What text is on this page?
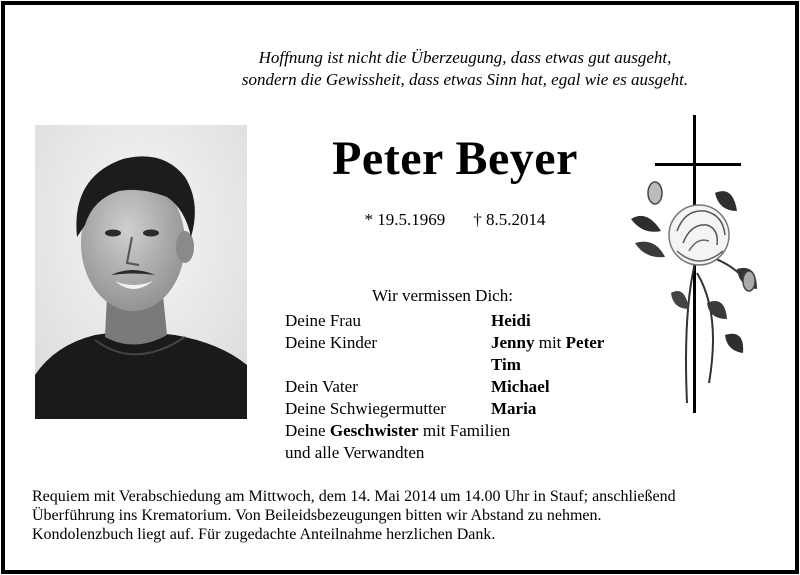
Hoffnung ist nicht die Überzeugung, dass etwas gut ausgeht,
sondern die Gewissheit, dass etwas Sinn hat, egal wie es ausgeht.
Peter Beyer
* 19.5.1969 † 8.5.2014
Wir vermissen Dich:
Deine Frau	Heidi
Deine Kinder	Jenny mit Peter
Tim
Dein Vater	Michael
Deine Schwiegermutter	Maria
Deine Geschwister mit Familien
und alle Verwandten
Requiem mit Verabschiedung am Mittwoch, dem 14. Mai 2014 um 14.00 Uhr in Stauf; anschließend
Überführung ins Krematorium. Von Beileidsbezeugungen bitten wir Abstand zu nehmen.
Kondolenzbuch liegt auf. Für zugedachte Anteilnahme herzlichen Dank.
